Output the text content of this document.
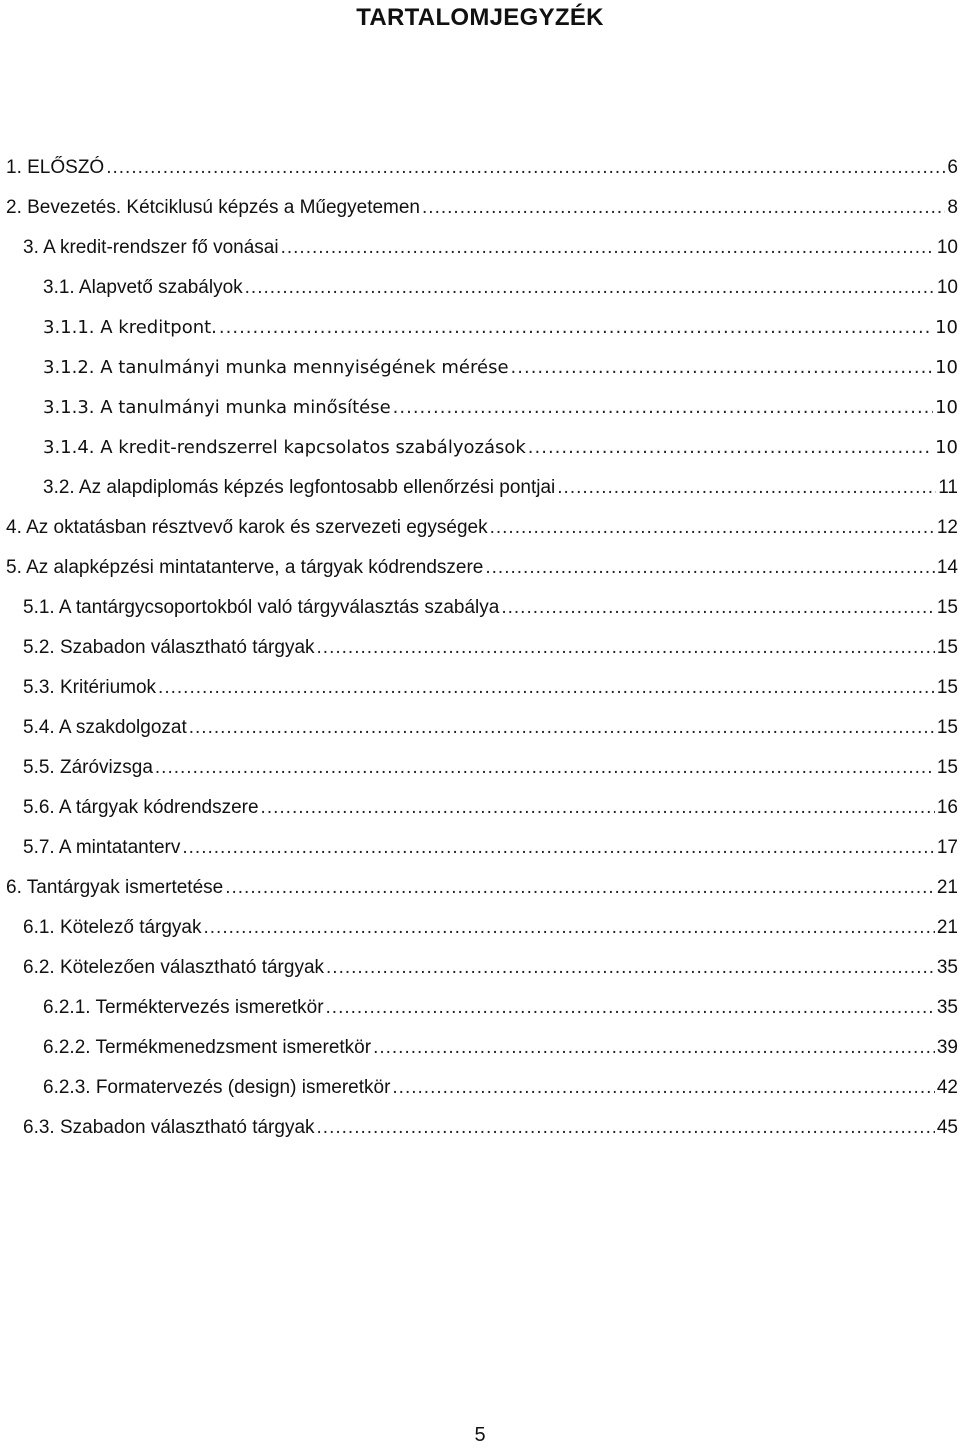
TARTALOMJEGYZÉK
1. ELŐSZÓ .....	6
2. Bevezetés. Kétciklusú képzés a Műegyetemen .....	8
3. A kredit-rendszer fő vonásai .....	10
3.1. Alapvető szabályok .....	10
3.1.1. A kreditpont. .....	10
3.1.2. A tanulmányi munka mennyiségének mérése .....	10
3.1.3. A tanulmányi munka minősítése .....	10
3.1.4. A kredit-rendszerrel kapcsolatos szabályozások .....	10
3.2. Az alapdiplomás képzés legfontosabb ellenőrzési pontjai .....	11
4. Az oktatásban résztvevő karok és szervezeti egységek .....	12
5. Az alapképzési mintatanterve, a tárgyak kódrendszere .....	14
5.1. A tantárgycsoportokból való tárgyválasztás szabálya .....	15
5.2. Szabadon választható tárgyak .....	15
5.3. Kritériumok .....	15
5.4. A szakdolgozat .....	15
5.5. Záróvizsga .....	15
5.6. A tárgyak kódrendszere .....	16
5.7. A mintatanterv .....	17
6. Tantárgyak ismertetése .....	21
6.1. Kötelező tárgyak .....	21
6.2. Kötelezően választható tárgyak .....	35
6.2.1. Terméktervezés ismeretkör .....	35
6.2.2. Termékmenedzsment ismeretkör .....	39
6.2.3. Formatervezés (design) ismeretkör .....	42
6.3. Szabadon választható tárgyak .....	45
5
